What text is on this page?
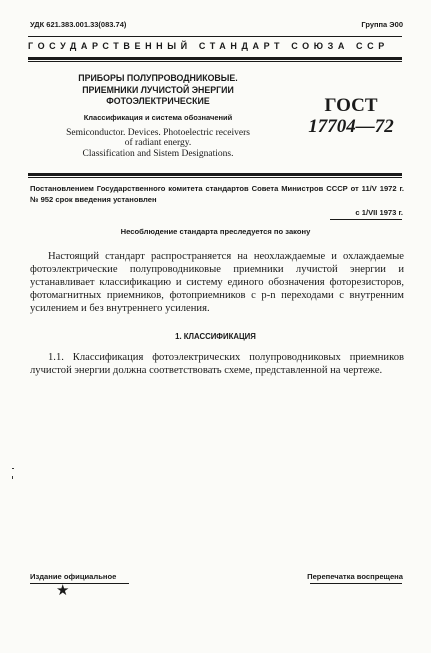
УДК 621.383.001.33(083.74)	Группа Э00
ГОСУДАРСТВЕННЫЙ СТАНДАРТ СОЮЗА ССР
ПРИБОРЫ ПОЛУПРОВОДНИКОВЫЕ.
ПРИЕМНИКИ ЛУЧИСТОЙ ЭНЕРГИИ
ФОТОЭЛЕКТРИЧЕСКИЕ
Классификация и система обозначений
Semiconductor. Devices. Photoelectric receivers
of radiant energy.
Classification and Sistem Designations.
ГОСТ
17704—72
Постановлением Государственного комитета стандартов Совета Министров СССР от 11/V 1972 г. № 952 срок введения установлен
с 1/VII 1973 г.
Несоблюдение стандарта преследуется по закону

Настоящий стандарт распространяется на неохлаждаемые и охлаждаемые фотоэлектрические полупроводниковые приемники лучистой энергии и устанавливает классификацию и систему единого обозначения фоторезисторов, фотомагнитных приемников, фотоприемников с p-n переходами с внутренним усилением и без внутреннего усиления.

1. КЛАССИФИКАЦИЯ

1.1. Классификация фотоэлектрических полупроводниковых приемников лучистой энергии должна соответствовать схеме, представленной на чертеже.

Издание официальное	Перепечатка воспрещена
★
